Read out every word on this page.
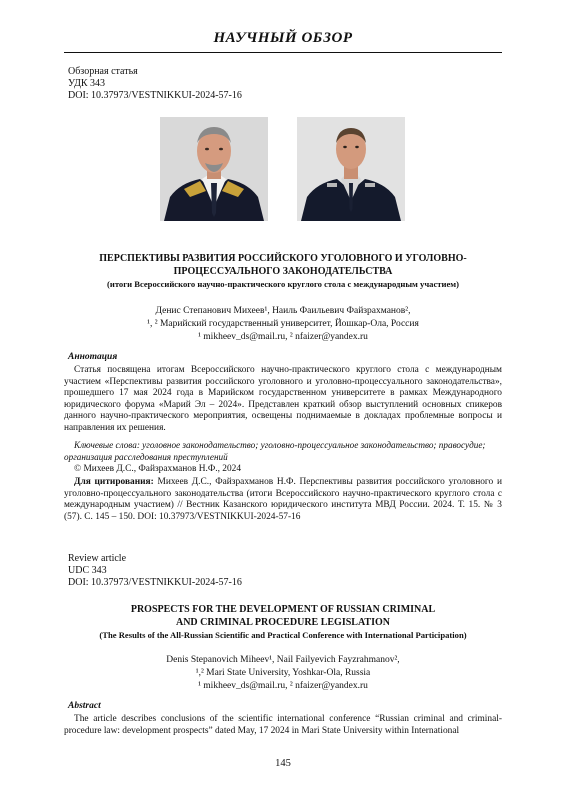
НАУЧНЫЙ ОБЗОР
Обзорная статья
УДК 343
DOI: 10.37973/VESTNIKKUI-2024-57-16
ПЕРСПЕКТИВЫ РАЗВИТИЯ РОССИЙСКОГО УГОЛОВНОГО И УГОЛОВНО-
ПРОЦЕССУАЛЬНОГО ЗАКОНОДАТЕЛЬСТВА
(итоги Всероссийского научно-практического круглого стола с международным участием)
Денис Степанович Михеев¹, Наиль Фаильевич Файзрахманов²,
¹, ² Марийский государственный университет, Йошкар-Ола, Россия
¹ mikheev_ds@mail.ru, ² nfaizer@yandex.ru
Аннотация
Статья посвящена итогам Всероссийского научно-практического круглого стола с международным участием «Перспективы развития российского уголовного и уголовно-процессуального законодательства», прошедшего 17 мая 2024 года в Марийском государственном университете в рамках Международного юридического форума «Марий Эл – 2024». Представлен краткий обзор выступлений основных спикеров данного научно-практического мероприятия, освещены поднимаемые в докладах проблемные вопросы и направления их решения.
Ключевые слова: уголовное законодательство; уголовно-процессуальное законодательство; правосудие; организация расследования преступлений
© Михеев Д.С., Файзрахманов Н.Ф., 2024
Для цитирования: Михеев Д.С., Файзрахманов Н.Ф. Перспективы развития российского уголовного и уголовно-процессуального законодательства (итоги Всероссийского научно-практического круглого стола с международным участием) // Вестник Казанского юридического института МВД России. 2024. Т. 15. № 3 (57). С. 145 – 150. DOI: 10.37973/VESTNIKKUI-2024-57-16
Review article
UDC 343
DOI: 10.37973/VESTNIKKUI-2024-57-16
PROSPECTS FOR THE DEVELOPMENT OF RUSSIAN CRIMINAL
AND CRIMINAL PROCEDURE LEGISLATION
(The Results of the All-Russian Scientific and Practical Conference with International Participation)
Denis Stepanovich Miheev¹, Nail Failyevich Fayzrahmanov²,
¹,² Mari State University, Yoshkar-Ola, Russia
¹ mikheev_ds@mail.ru, ² nfaizer@yandex.ru
Abstract
The article describes conclusions of the scientific international conference “Russian criminal and criminal-procedure law: development prospects” dated May, 17 2024 in Mari State University within International
145
